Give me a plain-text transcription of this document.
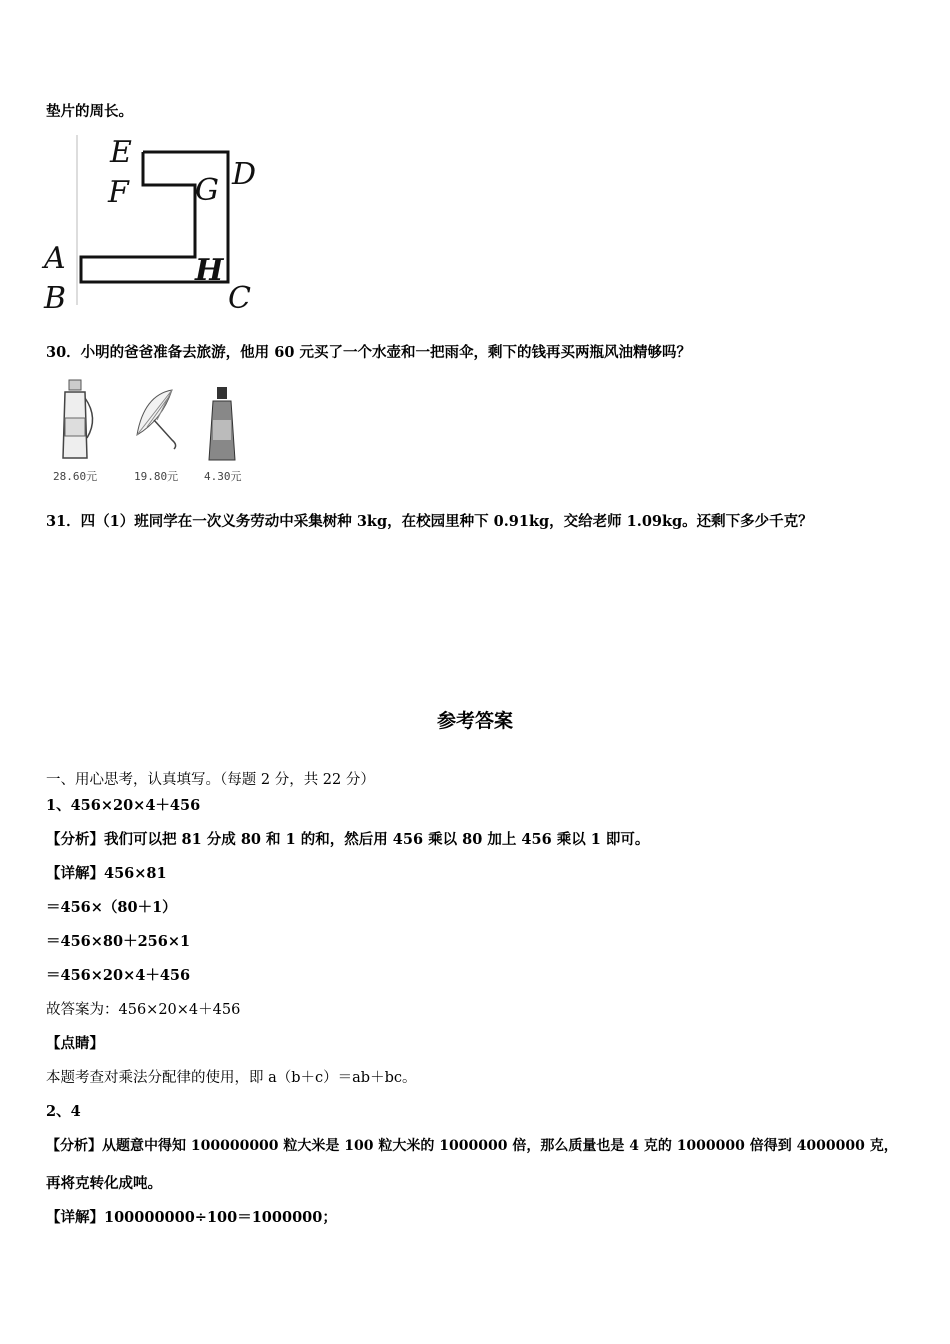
垫片的周长。
E
F G D
A
B
H
C
30．小明的爸爸准备去旅游，他用 60 元买了一个水壶和一把雨伞，剩下的钱再买两瓶风油精够吗？
28.60元	19.80元 4.30元
31．四（1）班同学在一次义务劳动中采集树种 3kg，在校园里种下 0.91kg，交给老师 1.09kg。还剩下多少千克？
参考答案
一、用心思考，认真填写。（每题 2 分，共 22 分）
1、456×20×4＋456
【分析】我们可以把 81 分成 80 和 1 的和，然后用 456 乘以 80 加上 456 乘以 1 即可。
【详解】456×81
＝456×（80＋1）
＝456×80＋256×1
＝456×20×4＋456
故答案为：456×20×4＋456
【点睛】
本题考查对乘法分配律的使用，即 a（b＋c）＝ab＋bc。
2、4
【分析】从题意中得知 100000000 粒大米是 100 粒大米的 1000000 倍，那么质量也是 4 克的 1000000 倍得到 4000000 克，
再将克转化成吨。
【详解】100000000÷100＝1000000；
